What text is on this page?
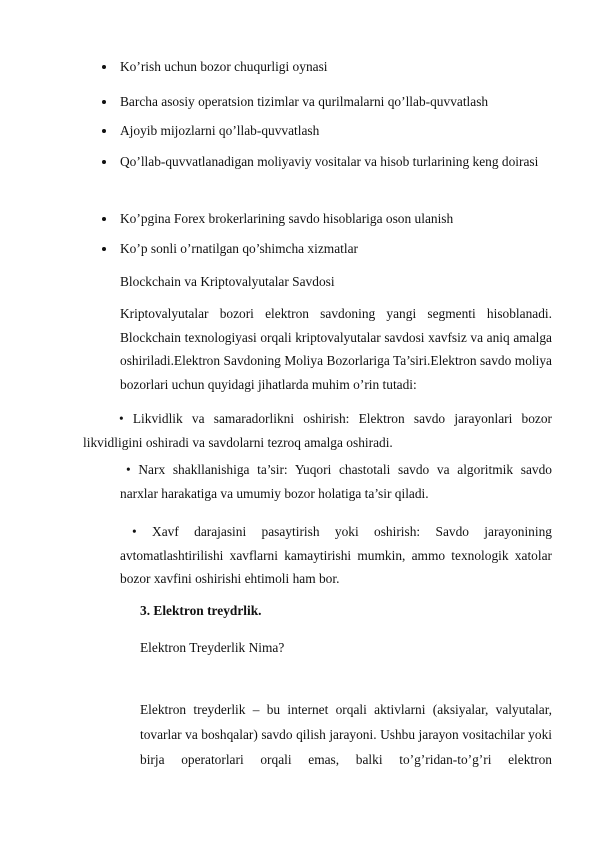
Ko’rish uchun bozor chuqurligi oynasi
Barcha asosiy operatsion tizimlar va qurilmalarni qo’llab-quvvatlash
Ajoyib mijozlarni qo’llab-quvvatlash
Qo’llab-quvvatlanadigan moliyaviy vositalar va hisob turlarining keng doirasi
Ko’pgina Forex brokerlarining savdo hisoblariga oson ulanish
Ko’p sonli o’rnatilgan qo’shimcha xizmatlar
Blockchain va Kriptovalyutalar Savdosi
Kriptovalyutalar bozori elektron savdoning yangi segmenti hisoblanadi. Blockchain texnologiyasi orqali kriptovalyutalar savdosi xavfsiz va aniq amalga oshiriladi.Elektron Savdoning Moliya Bozorlariga Ta’siri.Elektron savdo moliya bozorlari uchun quyidagi jihatlarda muhim o’rin tutadi:
• Likvidlik va samaradorlikni oshirish: Elektron savdo jarayonlari bozor likvidligini oshiradi va savdolarni tezroq amalga oshiradi.
• Narx shakllanishiga ta’sir: Yuqori chastotali savdo va algoritmik savdo narxlar harakatiga va umumiy bozor holatiga ta’sir qiladi.
• Xavf darajasini pasaytirish yoki oshirish: Savdo jarayonining avtomatlashtirilishi xavflarni kamaytirishi mumkin, ammo texnologik xatolar bozor xavfini oshirishi ehtimoli ham bor.
3. Elektron treydrlik.
Elektron Treyderlik Nima?
Elektron treyderlik – bu internet orqali aktivlarni (aksiyalar, valyutalar, tovarlar va boshqalar) savdo qilish jarayoni. Ushbu jarayon vositachilar yoki birja operatorlari orqali emas, balki to’g’ridan-to’g’ri elektron
